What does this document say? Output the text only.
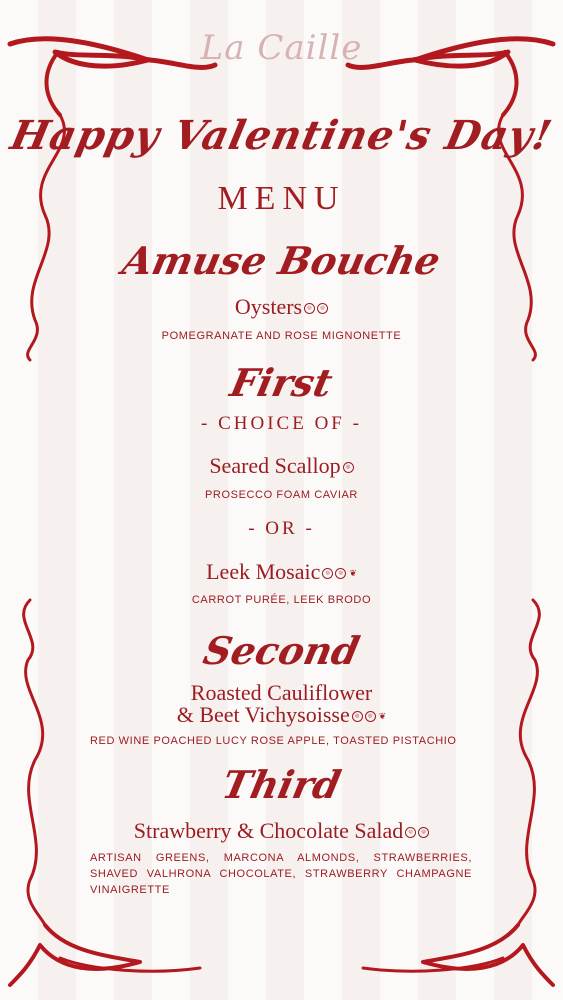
La Caille

Happy Valentine's Day!

MENU

Amuse Bouche

Oysters ◎ ◎

POMEGRANATE AND ROSE MIGNONETTE

First

- CHOICE OF -

Seared Scallop ◎

PROSECCO FOAM CAVIAR

- OR -

Leek Mosaic ◎ ◎ ❦

CARROT PURÉE, LEEK BRODO

Second

Roasted Cauliflower

& Beet Vichysoisse ◎ ◎ ❦

RED WINE POACHED LUCY ROSE APPLE, TOASTED PISTACHIO

Third

Strawberry & Chocolate Salad ◎ ◎

ARTISAN GREENS, MARCONA ALMONDS, STRAWBERRIES, SHAVED VALHRONA CHOCOLATE, STRAWBERRY CHAMPAGNE VINAIGRETTE
